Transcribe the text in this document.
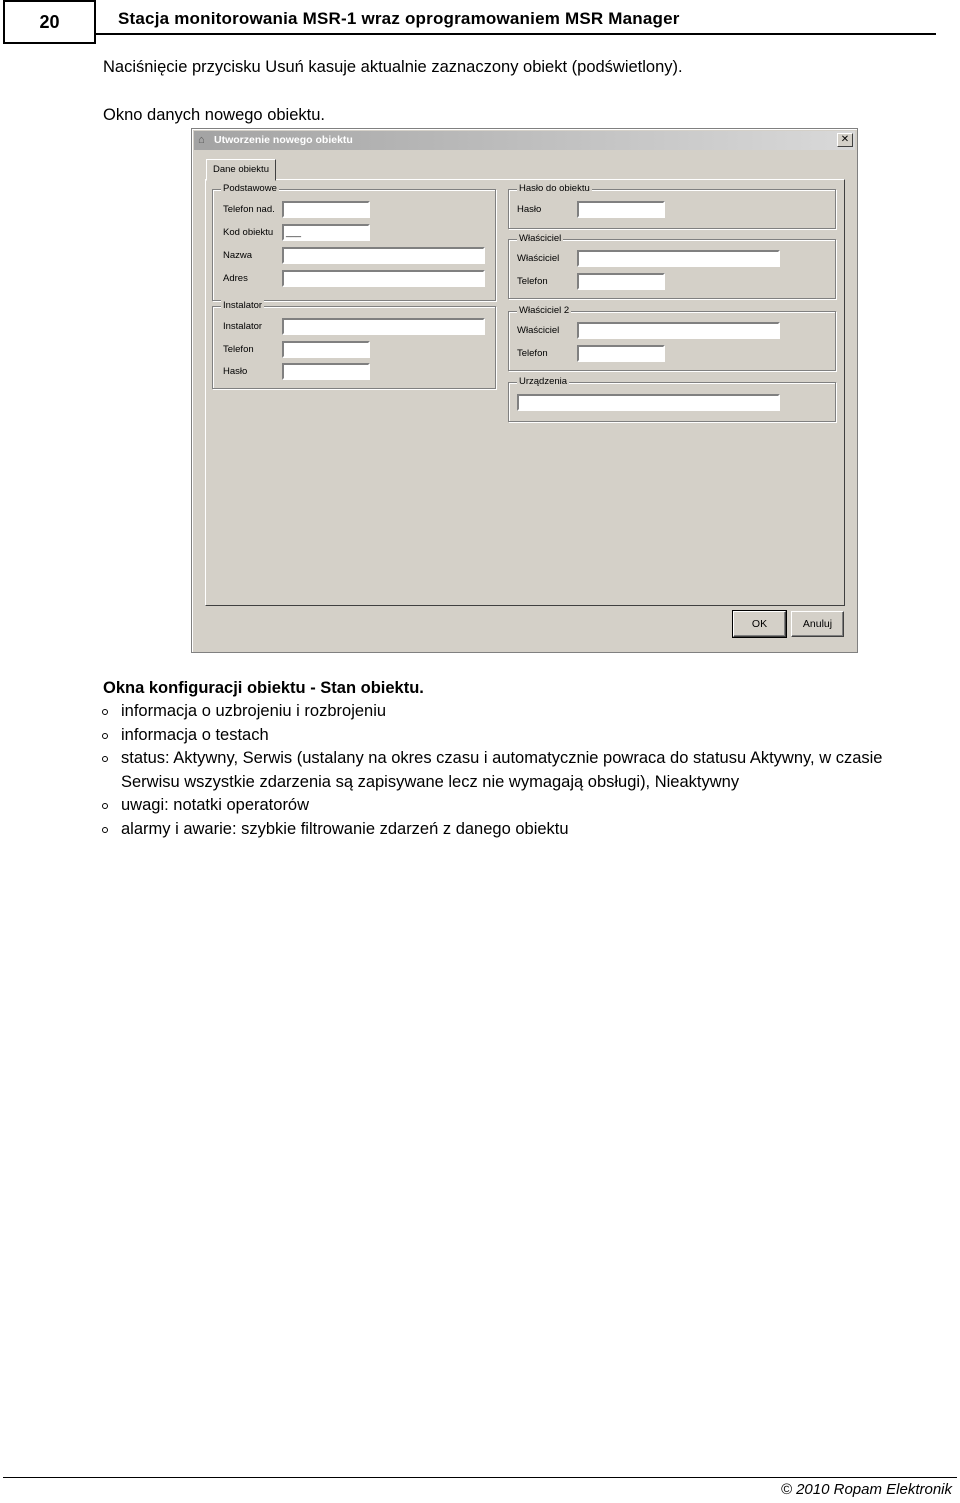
20	Stacja monitorowania MSR-1 wraz oprogramowaniem MSR Manager
Naciśnięcie przycisku Usuń kasuje aktualnie zaznaczony obiekt (podświetlony).
Okno danych nowego obiektu.
⌂ Utworzenie nowego obiektu	✕
Dane obiektu
Podstawowe
Telefon nad.
Kod obiektu	___
Nazwa
Adres
Instalator
Instalator
Telefon
Hasło
Hasło do obiektu
Hasło
Właściciel
Właściciel
Telefon
Właściciel 2
Właściciel
Telefon
Urządzenia
OK	Anuluj
Okna konfiguracji obiektu - Stan obiektu.
informacja o uzbrojeniu i rozbrojeniu
informacja o testach
status: Aktywny, Serwis (ustalany na okres czasu i automatycznie powraca do statusu Aktywny, w czasie Serwisu wszystkie zdarzenia są zapisywane lecz nie wymagają obsługi), Nieaktywny
uwagi: notatki operatorów
alarmy i awarie: szybkie filtrowanie zdarzeń z danego obiektu
© 2010 Ropam Elektronik
